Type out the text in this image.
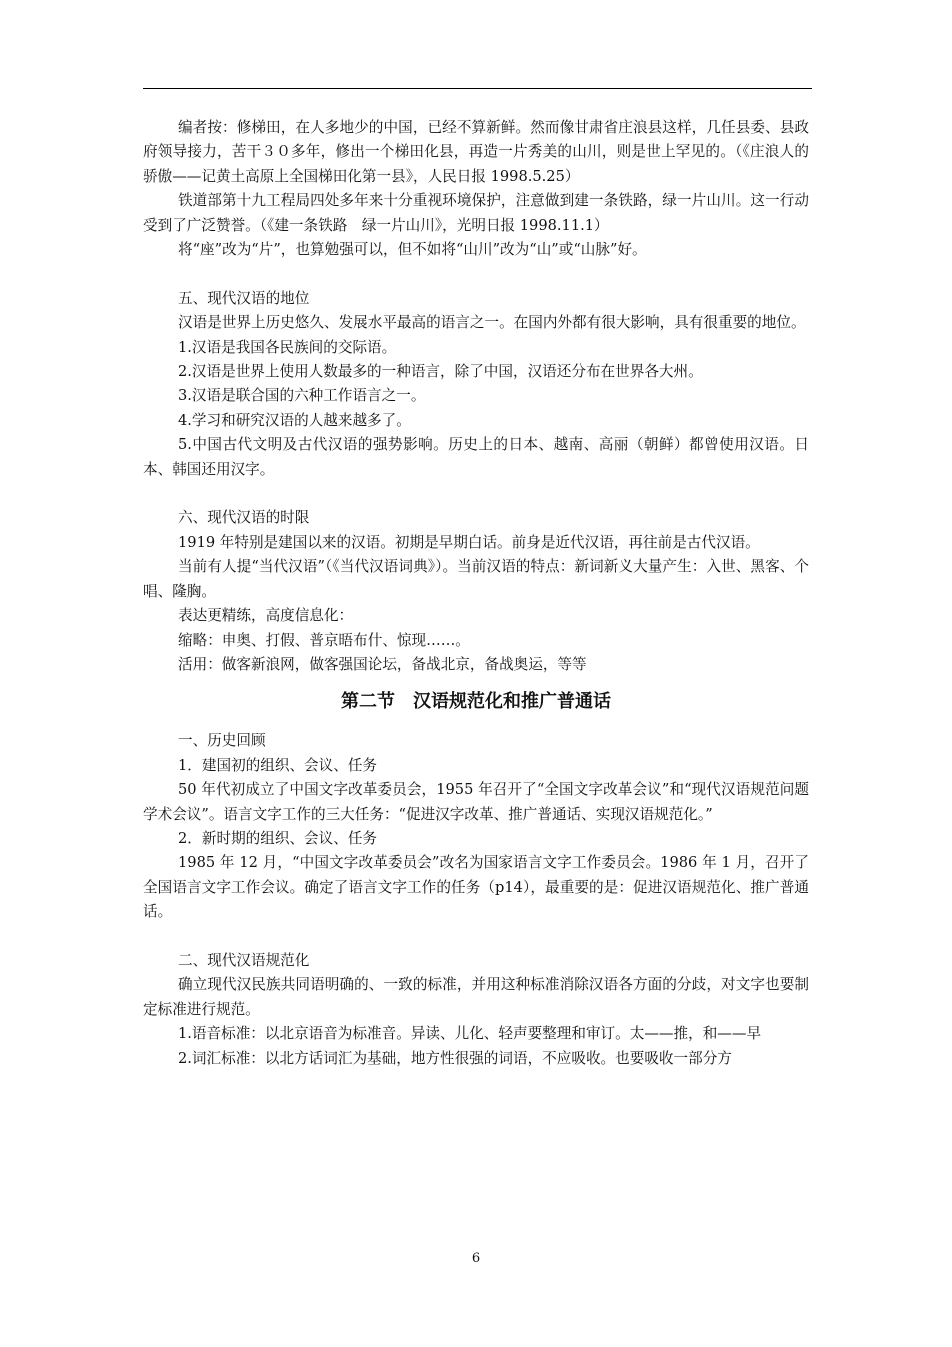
编者按：修梯田，在人多地少的中国，已经不算新鲜。然而像甘肃省庄浪县这样，几任县委、县政府领导接力，苦干３０多年，修出一个梯田化县，再造一片秀美的山川，则是世上罕见的。（《庄浪人的骄傲——记黄土高原上全国梯田化第一县》，人民日报 1998.5.25）

铁道部第十九工程局四处多年来十分重视环境保护，注意做到建一条铁路，绿一片山川。这一行动受到了广泛赞誉。（《建一条铁路　绿一片山川》，光明日报 1998.11.1）

将“座”改为“片”，也算勉强可以，但不如将“山川”改为“山”或“山脉”好。

五、现代汉语的地位

汉语是世界上历史悠久、发展水平最高的语言之一。在国内外都有很大影响，具有很重要的地位。

1.汉语是我国各民族间的交际语。

2.汉语是世界上使用人数最多的一种语言，除了中国，汉语还分布在世界各大州。

3.汉语是联合国的六种工作语言之一。

4.学习和研究汉语的人越来越多了。

5.中国古代文明及古代汉语的强势影响。历史上的日本、越南、高丽（朝鲜）都曾使用汉语。日本、韩国还用汉字。

六、现代汉语的时限

1919 年特别是建国以来的汉语。初期是早期白话。前身是近代汉语，再往前是古代汉语。

当前有人提“当代汉语”（《当代汉语词典》）。当前汉语的特点：新词新义大量产生：入世、黑客、个唱、隆胸。

表达更精练，高度信息化：

缩略：申奥、打假、普京晤布什、惊现……。

活用：做客新浪网，做客强国论坛，备战北京，备战奥运，等等

第二节　汉语规范化和推广普通话

一、历史回顾

1．建国初的组织、会议、任务

50 年代初成立了中国文字改革委员会，1955 年召开了“全国文字改革会议”和“现代汉语规范问题学术会议”。语言文字工作的三大任务：“促进汉字改革、推广普通话、实现汉语规范化。”

2．新时期的组织、会议、任务

1985 年 12 月，“中国文字改革委员会”改名为国家语言文字工作委员会。1986 年 1 月，召开了全国语言文字工作会议。确定了语言文字工作的任务（p14），最重要的是：促进汉语规范化、推广普通话。

二、现代汉语规范化

确立现代汉民族共同语明确的、一致的标准，并用这种标准消除汉语各方面的分歧，对文字也要制定标准进行规范。

1.语音标准：以北京语音为标准音。异读、儿化、轻声要整理和审订。太——推，和——早

2.词汇标准：以北方话词汇为基础，地方性很强的词语，不应吸收。也要吸收一部分方

6
